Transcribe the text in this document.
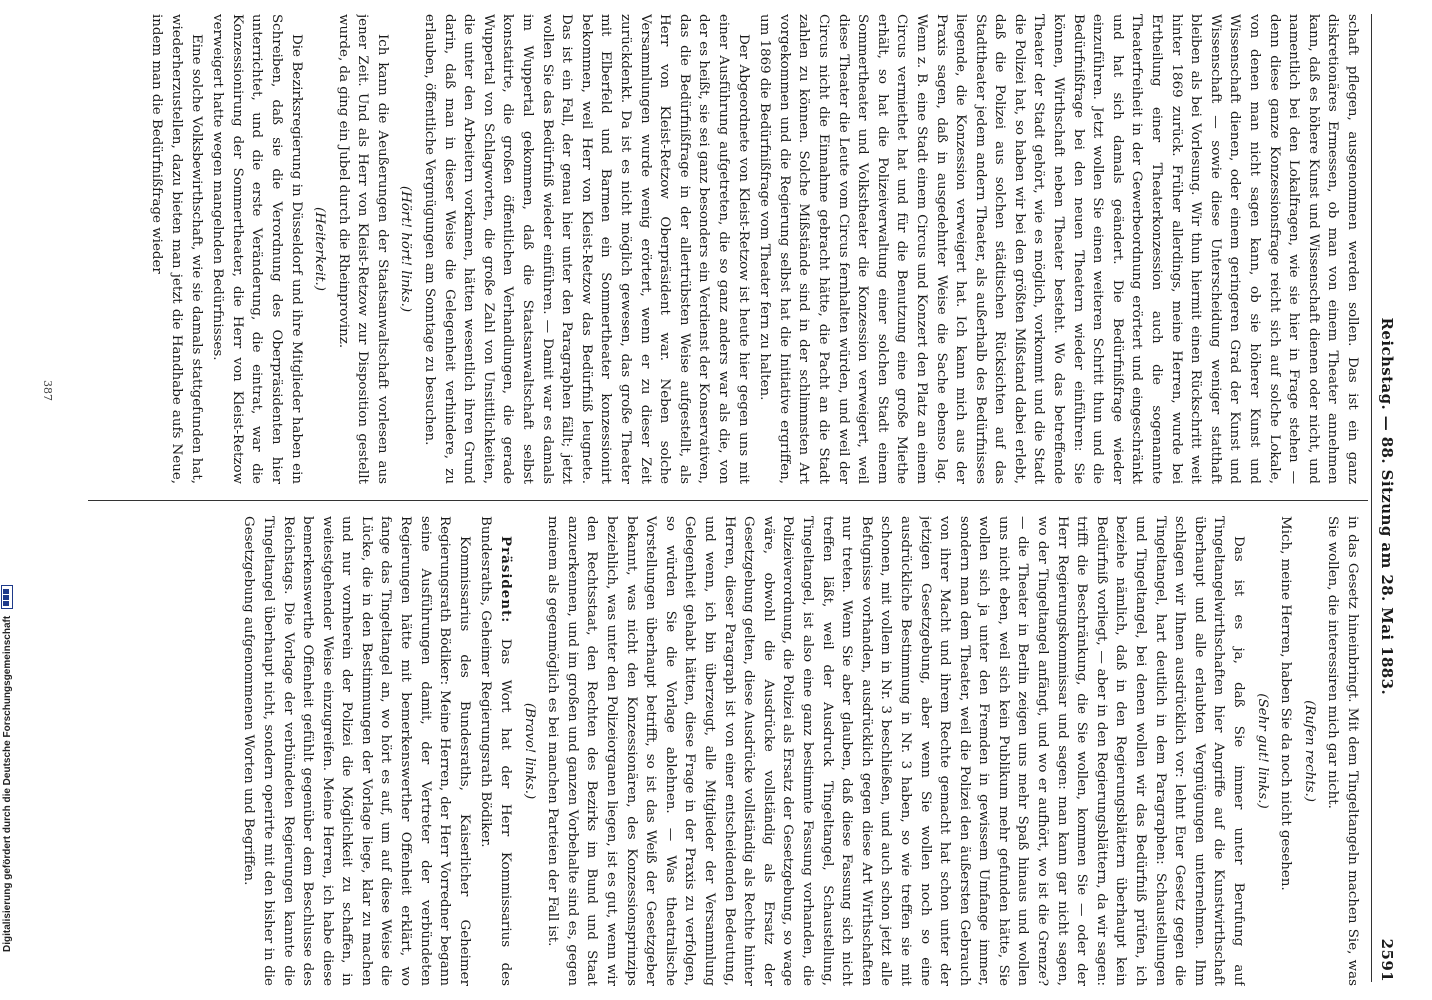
Digitalisierung gefördert durch die Deutsche Forschungsgemeinschaft
Reichstag. — 88. Sitzung am 28. Mai 1883.
2591

schaft pflegen, ausgenommen werden sollen. Das ist ein ganz diskretionäres Ermessen, ob man von einem Theater annehmen kann, daß es höhere Kunst und Wissenschaft dienen oder nicht, und namentlich bei den Lokalfragen, wie sie hier in Frage stehen — denn diese ganze Konzessionsfrage reicht sich auf solche Lokale, von denen man nicht sagen kann, ob sie höherer Kunst und Wissenschaft dienen, oder einem geringeren Grad der Kunst und Wissenschaft — sowie diese Unterscheidung weniger statthaft bleiben als bei Vorlesung. Wir thun hiermit einen Rückschritt weit hinter 1869 zurück. Früher allerdings, meine Herren, wurde bei Ertheilung einer Theaterkonzession auch die sogenannte Theaterfreiheit in der Gewerbeordnung erörtert und eingeschränkt und hat sich damals geändert. Die Bedürfnißfrage wieder einzuführen. Jetzt wollen Sie einen weiteren Schritt thun und die Bedürfnißfrage bei den neuen Theatern wieder einführen: Sie können, Wirthschaft neben Theater besteht. Wo das betreffende Theater der Stadt gehört, wie es möglich, vorkommt und die Stadt die Polizei hat, so haben wir bei den größten Mißstand dabei erlebt, daß die Polizei aus solchen städtischen Rücksichten auf das Stadttheater jedem andern Theater, als außerhalb des Bedürfnisses liegende, die Konzession verweigert hat. Ich kann mich aus der Praxis sagen, daß in ausgedehnter Weise die Sache ebenso lag. Wenn z. B. eine Stadt einem Circus und Konzert den Platz an einem Circus vermiethet hat und für die Benutzung eine große Miethe erhält, so hat die Polizeiverwaltung einer solchen Stadt einem Sommertheater und Volkstheater die Konzession verweigert, weil diese Theater die Leute vom Circus fernhalten würden, und weil der Circus nicht die Einnahme gebracht hätte, die Pacht an die Stadt zahlen zu können. Solche Mißstände sind in der schlimmsten Art vorgekommen und die Regierung selbst hat die Initiative ergriffen, um 1869 die Bedürfnißfrage vom Theater fern zu halten.

Der Abgeordnete von Kleist-Retzow ist heute hier gegen uns mit einer Ausführung aufgetreten, die so ganz anders war als die, von der es heißt, sie sei ganz besonders ein Verdienst der Konservativen, das die Bedürfnißfrage in der allertrübsten Weise aufgestellt, als Herr von Kleist-Retzow Oberpräsident war. Neben solche Versammlungen wurde wenig erörtert, wenn er zu dieser Zeit zurückdenkt. Da ist es nicht möglich gewesen, das große Theater mit Elberfeld und Barmen ein Sommertheater konzessionirt bekommen, weil Herr von Kleist-Retzow das Bedürfniß leugnete. Das ist ein Fall, der genau hier unter den Paragraphen fällt; jetzt wollen Sie das Bedürfniß wieder einführen. — Damit war es damals im Wuppertal gekommen, daß die Staatsanwaltschaft selbst konstatirte, die großen öffentlichen Verhandlungen, die gerade Wuppertal von Schlagworten, die große Zahl von Unsittlichkeiten, die unter den Arbeitern vorkamen, hätten wesentlich ihren Grund darin, daß man in dieser Weise die Gelegenheit verhindere, zu erlauben, öffentliche Vergnügungen am Sonntage zu besuchen.

(Hört! hört! links.)

Ich kann die Aeußerungen der Staatsanwaltschaft vorlesen aus jener Zeit. Und als Herr von Kleist-Retzow zur Disposition gestellt wurde, da ging ein Jubel durch die Rheinprovinz.

(Heiterkeit.)

Die Bezirksregierung in Düsseldorf und ihre Mitglieder haben ein Schreiben, daß sie die Verordnung des Oberpräsidenten hier unterrichtet, und die erste Veränderung, die eintrat, war die Konzessionirung der Sommertheater, die Herr von Kleist-Retzow verweigert hatte wegen mangelnden Bedürfnisses.

Eine solche Volksbewirthschaft, wie sie damals stattgefunden hat, wiederherzustellen, dazu bieten man jetzt die Handhabe aufs Neue, indem man die Bedürfnißfrage wieder

in das Gesetz hineinbringt. Mit dem Tingeltangeln machen Sie, was Sie wollen, die interessiren mich gar nicht.

(Rufen rechts.)

Mich, meine Herren, haben Sie da noch nicht gesehen.

(Sehr gut! links.)

Das ist es ja, daß Sie immer unter Berufung auf Tingeltangelwirthschaften hier Angriffe auf die Kunstwirthschaft überhaupt und alle erlaubten Vergnügungen unternehmen. Ihm schlagen wir Ihnen ausdrücklich vor: lehnt Euer Gesetz gegen die Tingeltangel, hart deutlich in dem Paragraphen: Schaustellungen und Tingeltangel, bei denen wollen wir das Bedürfniß prüfen, ich beziehe nämlich, daß in den Regierungsblättern überhaupt kein Bedürfniß vorliegt, — aber in den Regierungsblättern, da wir sagen: trifft die Beschränkung, die Sie wollen, kommen Sie — oder der Herr Regierungskommissar und sagen: man kann gar nicht sagen, wo der Tingeltangel anfängt, und wo er aufhört, wo ist die Grenze? — die Theater in Berlin zeigen uns mehr Spaß hinaus und wollen uns nicht eben, weil sich kein Publikum mehr gefunden hätte, Sie wollen sich ja unter den Fremden in gewissem Umfange immer, sondern man dem Theater, weil die Polizei den äußersten Gebrauch von ihrer Macht und ihrem Rechte gemacht hat schon unter der jetzigen Gesetzgebung, aber wenn Sie wollen noch so eine ausdrückliche Bestimmung in Nr. 3 haben, so wie treffen sie mit schonen, mit vollem in Nr. 3 beschließen, und auch schon jetzt alle Befugnisse vorhanden, ausdrücklich gegen diese Art Wirthschaften nur treten. Wenn Sie aber glauben, daß diese Fassung sich nicht treffen läßt, weil der Ausdruck Tingeltangel, Schaustellung, Tingeltangel, ist also eine ganz bestimmte Fassung vorhanden, die Polizeiverordnung, die Polizei als Ersatz der Gesetzgebung, so wage wäre, obwohl die Ausdrücke vollständig als Ersatz der Gesetzgebung gelten, diese Ausdrücke vollständig als Rechte hinter Herren, dieser Paragraph ist von einer entscheidenden Bedeutung, und wenn, ich bin überzeugt, alle Mitglieder der Versammlung Gelegenheit gehabt hätten, diese Frage in der Praxis zu verfolgen, so würden Sie die Vorlage ablehnen. — Was theatralische Vorstellungen überhaupt betrifft, so ist das Weiß der Gesetzgeber bekannt, was nicht den Konzessionären, des Konzessionsprinzips beziehlich, was unter den Polizeiorganen liegen, ist es gut, wenn wir den Rechtsstaat, den Rechten des Bezirks im Bund und Staat anzuerkennen, und im großen und ganzen Vorbehalte sind es, gegen meinem als gegenmöglich es bei manchen Parteien der Fall ist.

(Bravo! links.)

Präsident: Das Wort hat der Herr Kommissarius des Bundesraths, Geheimer Regierungsrath Bödiker.

Kommissarius des Bundesraths, Kaiserlicher Geheimer Regierungsrath Bödiker: Meine Herren, der Herr Vorredner begann seine Ausführungen damit, der Vertreter der verbündeten Regierungen hätte mit bemerkenswerther Offenheit erklärt, wo fange das Tingeltangel an, wo hört es auf, um auf diese Weise die Lücke, die in den Bestimmungen der Vorlage liege, klar zu machen und nur vornherein der Polizei die Möglichkeit zu schaffen, in weitestgehender Weise einzugreifen. Meine Herren, ich habe diese bemerkenswerthe Offenheit gefühlt gegenüber dem Beschlusse des Reichstags. Die Vorlage der verbündeten Regierungen kannte die Tingeltangel überhaupt nicht, sondern operirte mit den bisher in die Gesetzgebung aufgenommenen Worten und Begriffen.

387
